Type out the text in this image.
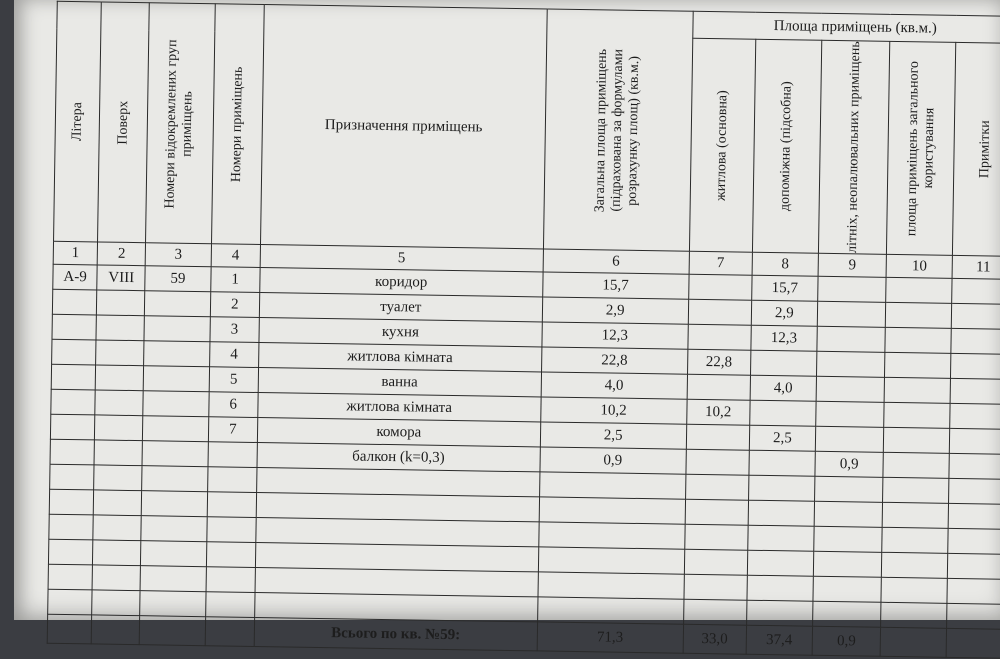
Літера	Поверх	Номери відокремлених груп приміщень	Номери приміщень	Призначення приміщень	Загальна площа приміщень (підрахована за формулами розрахунку площ) (кв.м.)	Площа приміщень (кв.м.)				

						житлова (основна)	допоміжна (підсобна)	літніх, неопалювальних приміщень	площа приміщень загального користування	Примітки

1	2	3	4	5	6	7	8	9	10	11
А-9	VIII	59	1	коридор	15,7		15,7			
			2	туалет	2,9		2,9			
			3	кухня	12,3		12,3			
			4	житлова кімната	22,8	22,8				
			5	ванна	4,0		4,0			
			6	житлова кімната	10,2	10,2				
			7	комора	2,5		2,5			
				балкон (k=0,3)	0,9			0,9		

				Всього по кв. №59:	71,3	33,0	37,4	0,9		
